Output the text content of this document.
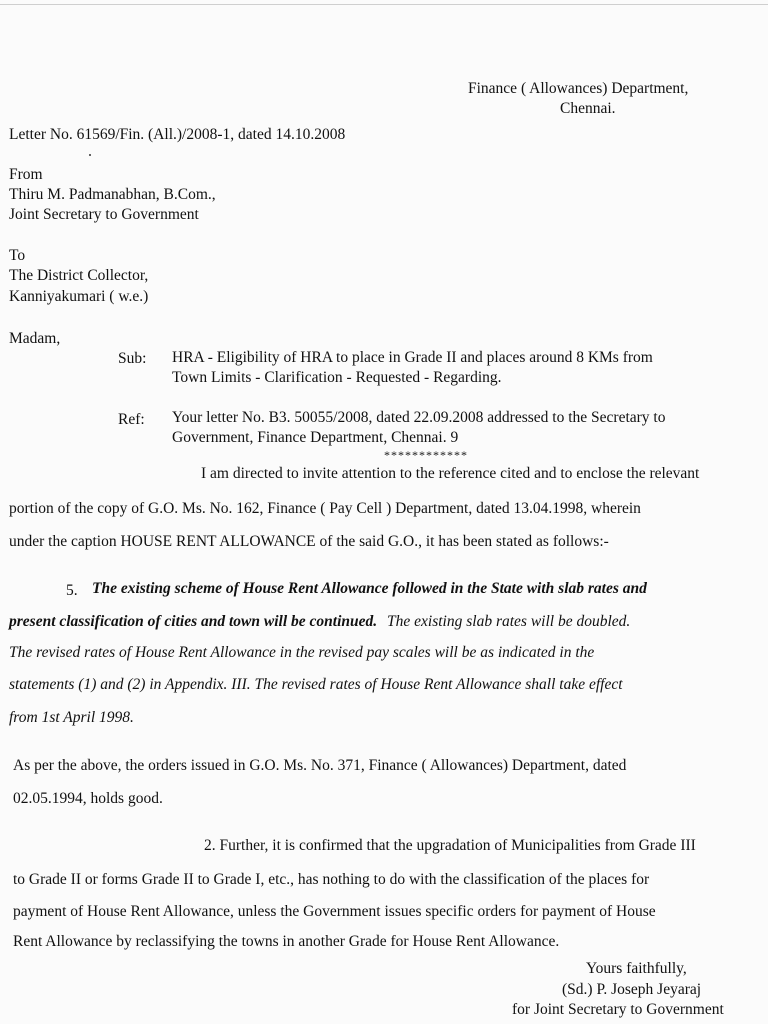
Finance ( Allowances) Department,
Chennai.
Letter No. 61569/Fin. (All.)/2008-1, dated 14.10.2008
From
Thiru M. Padmanabhan, B.Com.,
Joint Secretary to Government
To
The District Collector,
Kanniyakumari ( w.e.)
Madam,
Sub: HRA - Eligibility of HRA to place in Grade II and places around 8 KMs from
Town Limits - Clarification - Requested - Regarding.
Ref: Your letter No. B3. 50055/2008, dated 22.09.2008 addressed to the Secretary to
Government, Finance Department, Chennai. 9
************
I am directed to invite attention to the reference cited and to enclose the relevant
portion of the copy of G.O. Ms. No. 162, Finance ( Pay Cell ) Department, dated 13.04.1998, wherein
under the caption HOUSE RENT ALLOWANCE of the said G.O., it has been stated as follows:-
5. The existing scheme of House Rent Allowance followed in the State with slab rates and
present classification of cities and town will be continued. The existing slab rates will be doubled.
The revised rates of House Rent Allowance in the revised pay scales will be as indicated in the
statements (1) and (2) in Appendix. III. The revised rates of House Rent Allowance shall take effect
from 1st April 1998.
As per the above, the orders issued in G.O. Ms. No. 371, Finance ( Allowances) Department, dated
02.05.1994, holds good.
2. Further, it is confirmed that the upgradation of Municipalities from Grade III
to Grade II or forms Grade II to Grade I, etc., has nothing to do with the classification of the places for
payment of House Rent Allowance, unless the Government issues specific orders for payment of House
Rent Allowance by reclassifying the towns in another Grade for House Rent Allowance.
Yours faithfully,
(Sd.) P. Joseph Jeyaraj
for Joint Secretary to Government
